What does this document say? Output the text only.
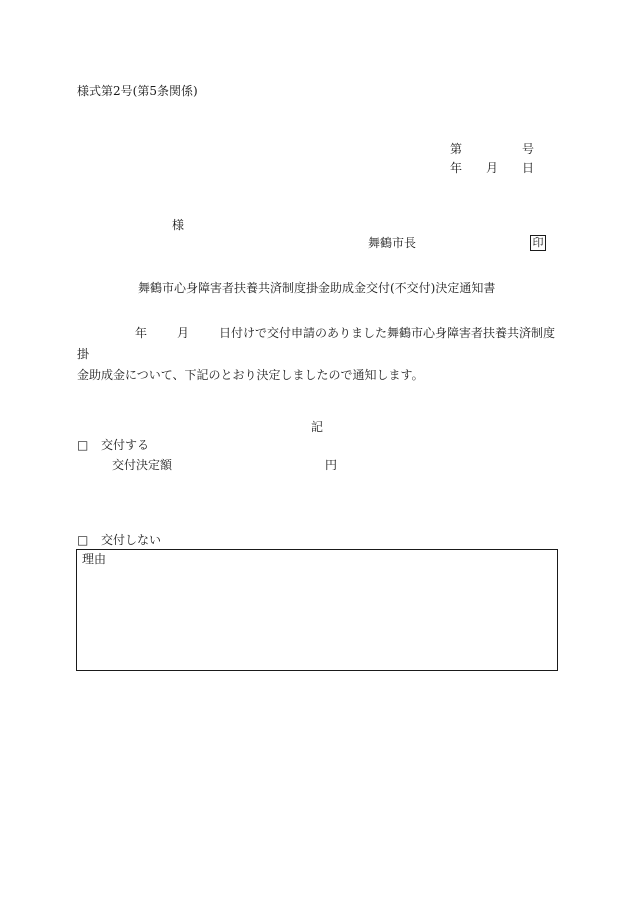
様式第2号(第5条関係)
第	号
年 月 日
様
舞鶴市長	印
舞鶴市心身障害者扶養共済制度掛金助成金交付(不交付)決定通知書
年	月	日付けで交付申請のありました舞鶴市心身障害者扶養共済制度掛
金助成金について、下記のとおり決定しましたので通知します。
記
□ 交付する
交付決定額	円
□ 交付しない
理由
